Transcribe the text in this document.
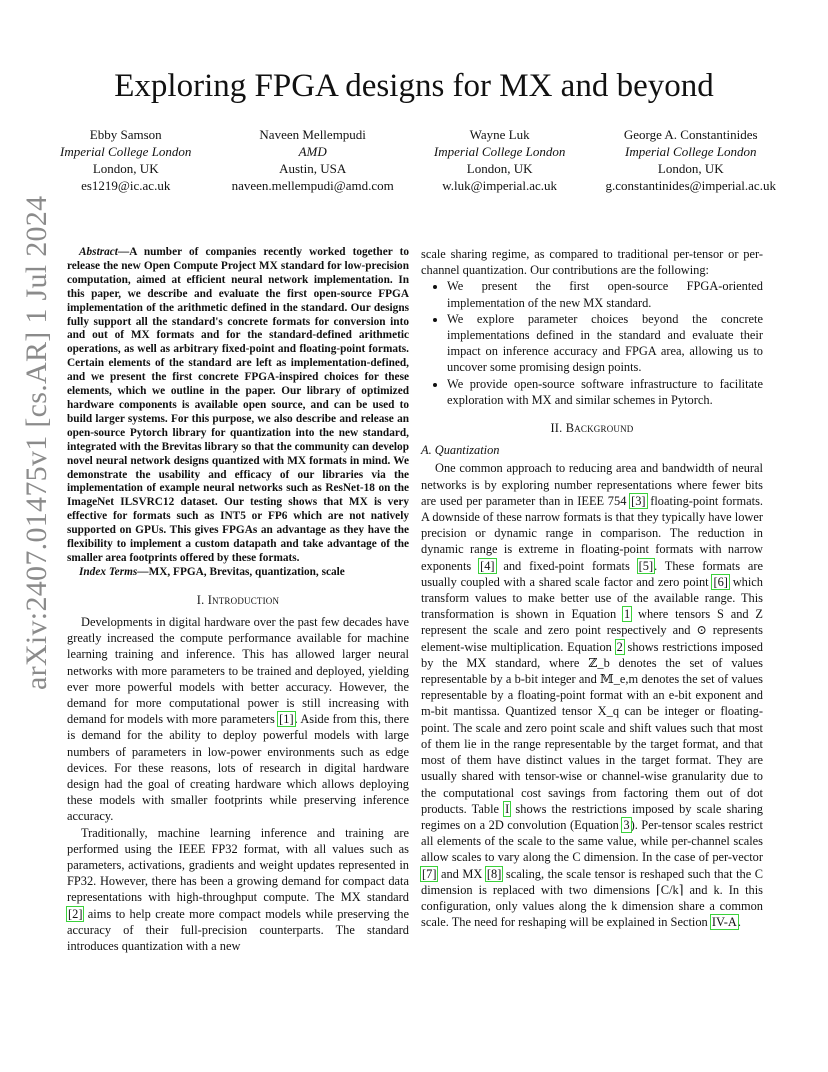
arXiv:2407.01475v1 [cs.AR] 1 Jul 2024
Exploring FPGA designs for MX and beyond
Ebby Samson
Imperial College London
London, UK
es1219@ic.ac.uk
Naveen Mellempudi
AMD
Austin, USA
naveen.mellempudi@amd.com
Wayne Luk
Imperial College London
London, UK
w.luk@imperial.ac.uk
George A. Constantinides
Imperial College London
London, UK
g.constantinides@imperial.ac.uk

Abstract—A number of companies recently worked together to release the new Open Compute Project MX standard for low-precision computation, aimed at efficient neural network implementation. In this paper, we describe and evaluate the first open-source FPGA implementation of the arithmetic defined in the standard. Our designs fully support all the standard's concrete formats for conversion into and out of MX formats and for the standard-defined arithmetic operations, as well as arbitrary fixed-point and floating-point formats. Certain elements of the standard are left as implementation-defined, and we present the first concrete FPGA-inspired choices for these elements, which we outline in the paper. Our library of optimized hardware components is available open source, and can be used to build larger systems. For this purpose, we also describe and release an open-source Pytorch library for quantization into the new standard, integrated with the Brevitas library so that the community can develop novel neural network designs quantized with MX formats in mind. We demonstrate the usability and efficacy of our libraries via the implementation of example neural networks such as ResNet-18 on the ImageNet ILSVRC12 dataset. Our testing shows that MX is very effective for formats such as INT5 or FP6 which are not natively supported on GPUs. This gives FPGAs an advantage as they have the flexibility to implement a custom datapath and take advantage of the smaller area footprints offered by these formats.

Index Terms—MX, FPGA, Brevitas, quantization, scale

I. Introduction

Developments in digital hardware over the past few decades have greatly increased the compute performance available for machine learning training and inference. This has allowed larger neural networks with more parameters to be trained and deployed, yielding ever more powerful models with better accuracy. However, the demand for more computational power is still increasing with demand for models with more parameters [1]. Aside from this, there is demand for the ability to deploy powerful models with large numbers of parameters in low-power environments such as edge devices. For these reasons, lots of research in digital hardware design had the goal of creating hardware which allows deploying these models with smaller footprints while preserving inference accuracy.

Traditionally, machine learning inference and training are performed using the IEEE FP32 format, with all values such as parameters, activations, gradients and weight updates represented in FP32. However, there has been a growing demand for compact data representations with high-throughput compute. The MX standard [2] aims to help create more compact models while preserving the accuracy of their full-precision counterparts. The standard introduces quantization with a new

scale sharing regime, as compared to traditional per-tensor or per-channel quantization. Our contributions are the following:

• We present the first open-source FPGA-oriented implementation of the new MX standard.
• We explore parameter choices beyond the concrete implementations defined in the standard and evaluate their impact on inference accuracy and FPGA area, allowing us to uncover some promising design points.
• We provide open-source software infrastructure to facilitate exploration with MX and similar schemes in Pytorch.
II. Background
A. Quantization

One common approach to reducing area and bandwidth of neural networks is by exploring number representations where fewer bits are used per parameter than in IEEE 754 [3] floating-point formats. A downside of these narrow formats is that they typically have lower precision or dynamic range in comparison. The reduction in dynamic range is extreme in floating-point formats with narrow exponents [4] and fixed-point formats [5]. These formats are usually coupled with a shared scale factor and zero point [6] which transform values to make better use of the available range. This transformation is shown in Equation 1 where tensors S and Z represent the scale and zero point respectively and ⊙ represents element-wise multiplication. Equation 2 shows restrictions imposed by the MX standard, where ℤ_b denotes the set of values representable by a b-bit integer and 𝕄_e,m denotes the set of values representable by a floating-point format with an e-bit exponent and m-bit mantissa. Quantized tensor X_q can be integer or floating-point. The scale and zero point scale and shift values such that most of them lie in the range representable by the target format, and that most of them have distinct values in the target format. They are usually shared with tensor-wise or channel-wise granularity due to the computational cost savings from factoring them out of dot products. Table I shows the restrictions imposed by scale sharing regimes on a 2D convolution (Equation 3). Per-tensor scales restrict all elements of the scale to the same value, while per-channel scales allow scales to vary along the C dimension. In the case of per-vector [7] and MX [8] scaling, the scale tensor is reshaped such that the C dimension is replaced with two dimensions ⌈C/k⌉ and k. In this configuration, only values along the k dimension share a common scale. The need for reshaping will be explained in Section IV-A.
